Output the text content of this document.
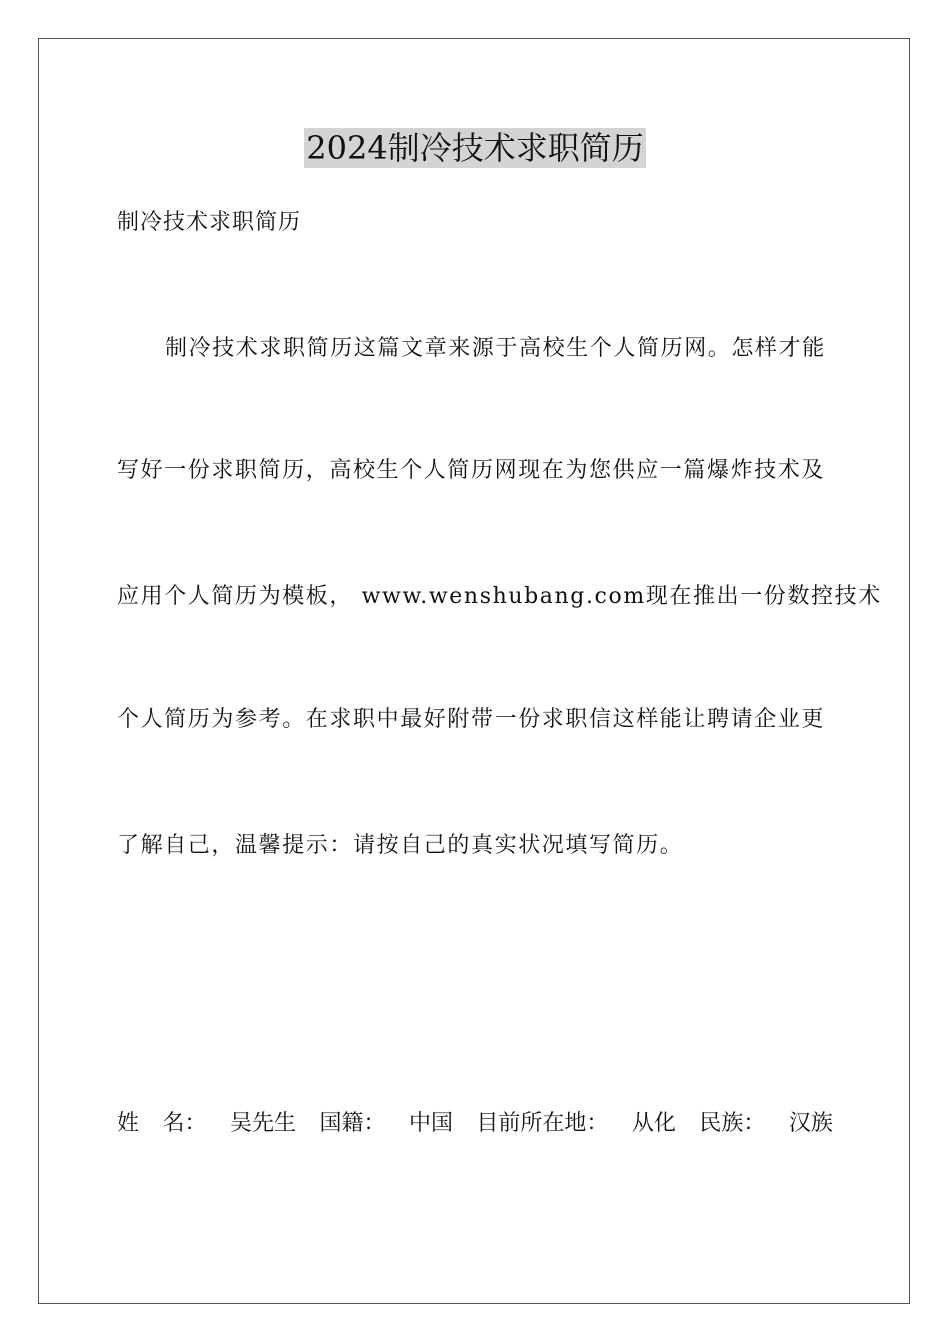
2024制冷技术求职简历
制冷技术求职简历
制冷技术求职简历这篇文章来源于高校生个人简历网。怎样才能
写好一份求职简历，高校生个人简历网现在为您供应一篇爆炸技术及
应用个人简历为模板， www.wenshubang.com现在推出一份数控技术
个人简历为参考。在求职中最好附带一份求职信这样能让聘请企业更
了解自己，温馨提示：请按自己的真实状况填写简历。
姓 名： 吴先生 国籍： 中国 目前所在地： 从化 民族： 汉族
